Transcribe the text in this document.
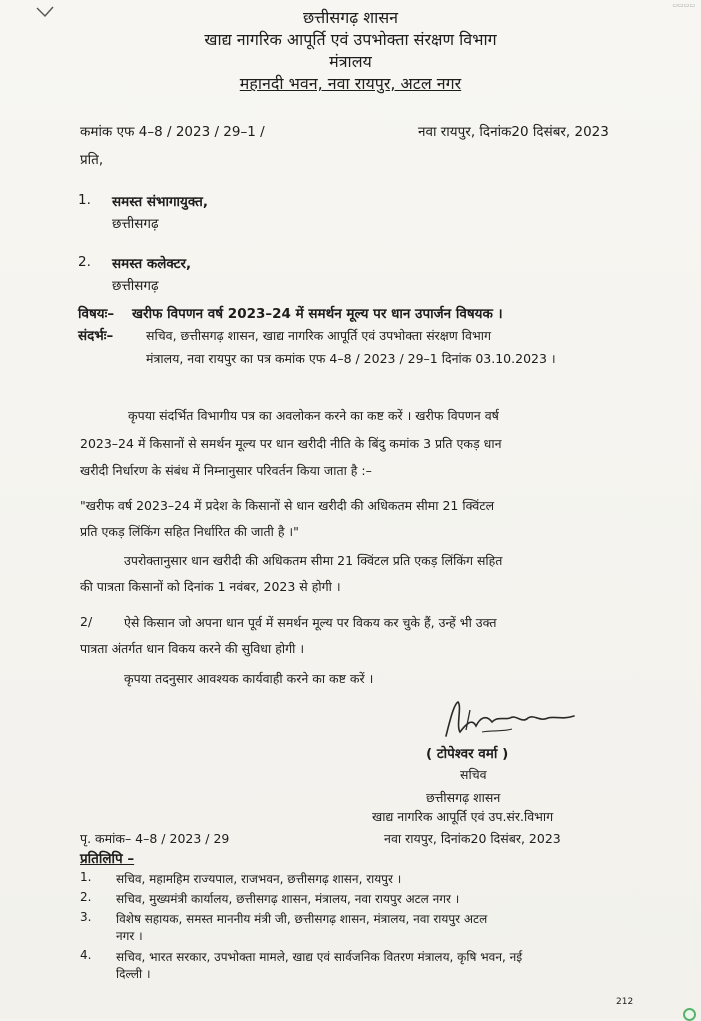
▭▭▭▭
छत्तीसगढ़ शासन
खाद्य नागरिक आपूर्ति एवं उपभोक्ता संरक्षण विभाग
मंत्रालय
महानदी भवन, नवा रायपुर, अटल नगर
कमांक एफ 4–8 / 2023 / 29–1 /	नवा रायपुर, दिनांक20 दिसंबर, 2023
प्रति,
1. समस्त संभागायुक्त,
छत्तीसगढ़
2. समस्त कलेक्टर,
छत्तीसगढ़
विषयः– खरीफ विपणन वर्ष 2023–24 में समर्थन मूल्य पर धान उपार्जन विषयक ।
संदर्भः–	सचिव, छत्तीसगढ़ शासन, खाद्य नागरिक आपूर्ति एवं उपभोक्ता संरक्षण विभाग
मंत्रालय, नवा रायपुर का पत्र कमांक एफ 4–8 / 2023 / 29–1 दिनांक 03.10.2023 ।
कृपया संदर्भित विभागीय पत्र का अवलोकन करने का कष्ट करें । खरीफ विपणन वर्ष
2023–24 में किसानों से समर्थन मूल्य पर धान खरीदी नीति के बिंदु कमांक 3 प्रति एकड़ धान
खरीदी निर्धारण के संबंध में निम्नानुसार परिवर्तन किया जाता है :–
"खरीफ वर्ष 2023–24 में प्रदेश के किसानों से धान खरीदी की अधिकतम सीमा 21 क्विंटल
प्रति एकड़ लिंकिंग सहित निर्धारित की जाती है ।"
उपरोक्तानुसार धान खरीदी की अधिकतम सीमा 21 क्विंटल प्रति एकड़ लिंकिंग सहित
की पात्रता किसानों को दिनांक 1 नवंबर, 2023 से होगी ।
2/	ऐसे किसान जो अपना धान पूर्व में समर्थन मूल्य पर विकय कर चुके हैं, उन्हें भी उक्त
पात्रता अंतर्गत धान विकय करने की सुविधा होगी ।
कृपया तदनुसार आवश्यक कार्यवाही करने का कष्ट करें ।
( टोपेश्वर वर्मा )
सचिव
छत्तीसगढ़ शासन
खाद्य नागरिक आपूर्ति एवं उप.संर.विभाग
नवा रायपुर, दिनांक20 दिसंबर, 2023
पृ. कमांक– 4–8 / 2023 / 29
प्रतिलिपि –
1. सचिव, महामहिम राज्यपाल, राजभवन, छत्तीसगढ़ शासन, रायपुर ।
2. सचिव, मुख्यमंत्री कार्यालय, छत्तीसगढ़ शासन, मंत्रालय, नवा रायपुर अटल नगर ।
3. विशेष सहायक, समस्त माननीय मंत्री जी, छत्तीसगढ़ शासन, मंत्रालय, नवा रायपुर अटल
नगर ।
4. सचिव, भारत सरकार, उपभोक्ता मामले, खाद्य एवं सार्वजनिक वितरण मंत्रालय, कृषि भवन, नई
दिल्ली ।
212
